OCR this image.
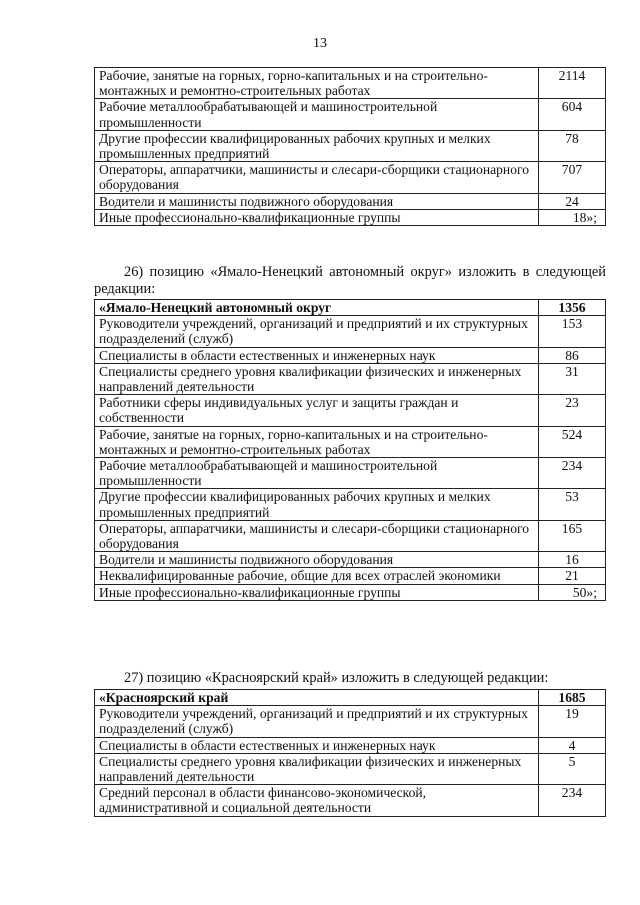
13
Рабочие, занятые на горных, горно-капитальных и на строительно-монтажных и ремонтно-строительных работах	2114
Рабочие металлообрабатывающей и машиностроительной промышленности	604
Другие профессии квалифицированных рабочих крупных и мелких промышленных предприятий	78
Операторы, аппаратчики, машинисты и слесари-сборщики стационарного оборудования	707
Водители и машинисты подвижного оборудования	24
Иные профессионально-квалификационные группы	18»;
26) позицию «Ямало-Ненецкий автономный округ» изложить в следующей редакции:
«Ямало-Ненецкий автономный округ	1356
Руководители учреждений, организаций и предприятий и их структурных подразделений (служб)	153
Специалисты в области естественных и инженерных наук	86
Специалисты среднего уровня квалификации физических и инженерных направлений деятельности	31
Работники сферы индивидуальных услуг и защиты граждан и собственности	23
Рабочие, занятые на горных, горно-капитальных и на строительно-монтажных и ремонтно-строительных работах	524
Рабочие металлообрабатывающей и машиностроительной промышленности	234
Другие профессии квалифицированных рабочих крупных и мелких промышленных предприятий	53
Операторы, аппаратчики, машинисты и слесари-сборщики стационарного оборудования	165
Водители и машинисты подвижного оборудования	16
Неквалифицированные рабочие, общие для всех отраслей экономики	21
Иные профессионально-квалификационные группы	50»;
27) позицию «Красноярский край» изложить в следующей редакции:
«Красноярский край	1685
Руководители учреждений, организаций и предприятий и их структурных подразделений (служб)	19
Специалисты в области естественных и инженерных наук	4
Специалисты среднего уровня квалификации физических и инженерных направлений деятельности	5
Средний персонал в области финансово-экономической, административной и социальной деятельности	234
